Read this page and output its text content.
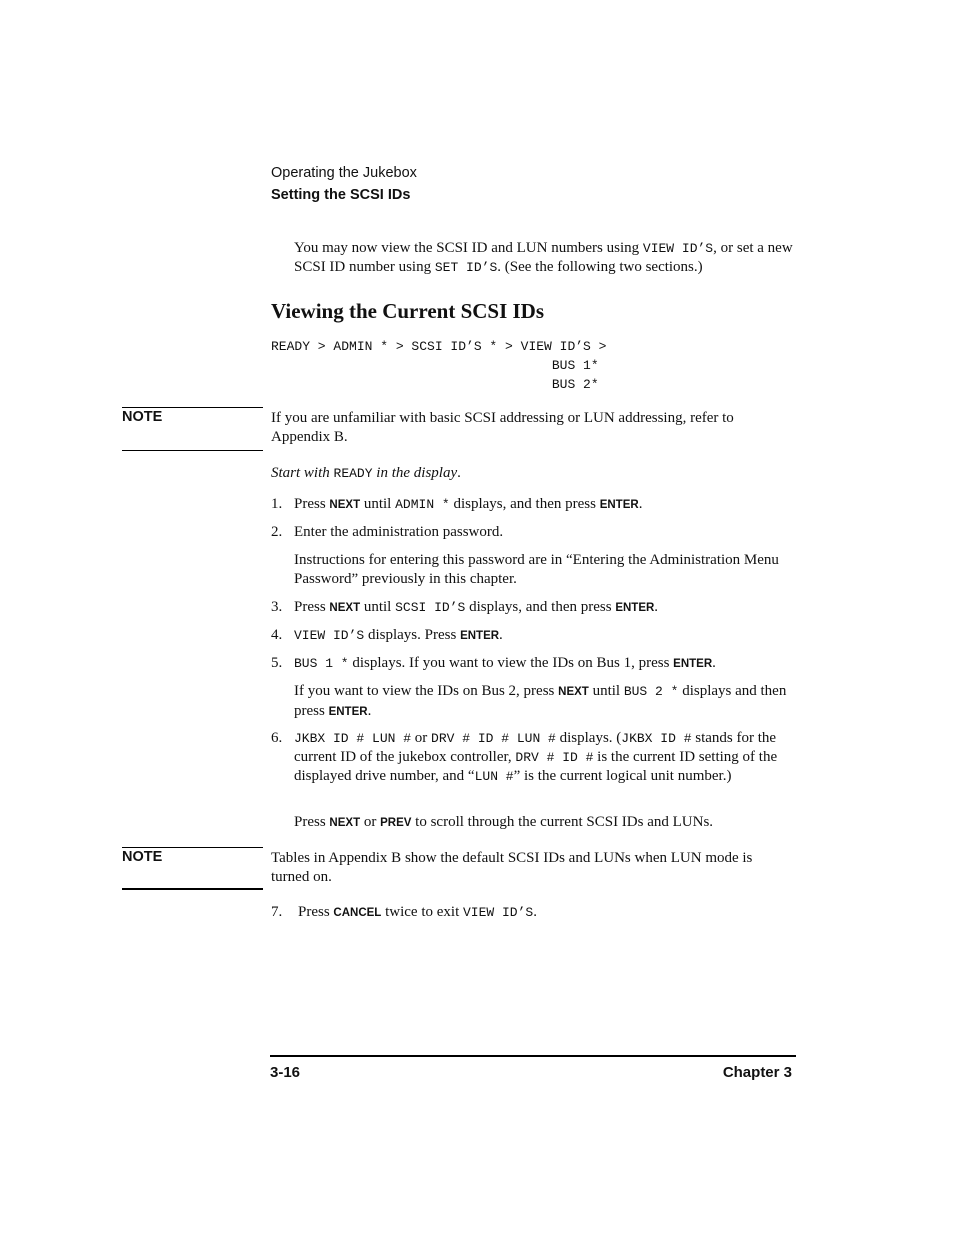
Operating the Jukebox
Setting the SCSI IDs
You may now view the SCSI ID and LUN numbers using VIEW ID’S, or set a new SCSI ID number using SET ID’S. (See the following two sections.)
Viewing the Current SCSI IDs
READY > ADMIN * > SCSI ID’S * > VIEW ID’S >
BUS 1*
BUS 2*
NOTE	If you are unfamiliar with basic SCSI addressing or LUN addressing, refer to Appendix B.
Start with READY in the display.
1. Press NEXT until ADMIN * displays, and then press ENTER.
2. Enter the administration password.
Instructions for entering this password are in “Entering the Administration Menu Password” previously in this chapter.
3. Press NEXT until SCSI ID’S displays, and then press ENTER.
4. VIEW ID’S displays. Press ENTER.
5. BUS 1 * displays. If you want to view the IDs on Bus 1, press ENTER.
If you want to view the IDs on Bus 2, press NEXT until BUS 2 * displays and then press ENTER.
6. JKBX ID # LUN # or DRV # ID # LUN # displays. (JKBX ID # stands for the current ID of the jukebox controller, DRV # ID # is the current ID setting of the displayed drive number, and “LUN #” is the current logical unit number.)
Press NEXT or PREV to scroll through the current SCSI IDs and LUNs.
NOTE	Tables in Appendix B show the default SCSI IDs and LUNs when LUN mode is turned on.
7. Press CANCEL twice to exit VIEW ID’S.
3-16	Chapter 3
